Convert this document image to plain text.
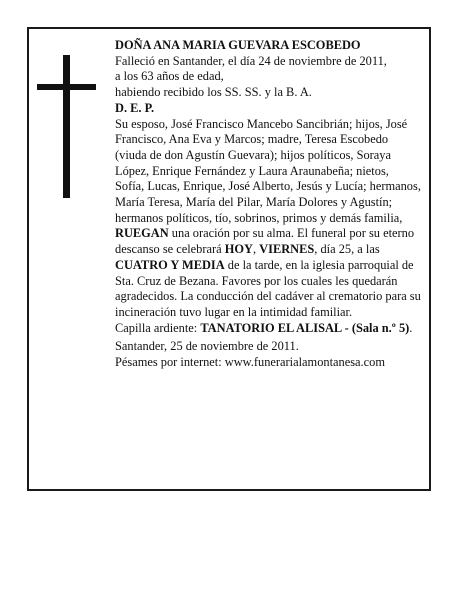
DOÑA ANA MARIA GUEVARA ESCOBEDO

Falleció en Santander, el día 24 de noviembre de 2011,

a los 63 años de edad,

habiendo recibido los SS. SS. y la B. A.

D. E. P.

Su esposo, José Francisco Mancebo Sancibrián; hijos, José Francisco, Ana Eva y Marcos; madre, Teresa Escobedo (viuda de don Agustín Guevara); hijos políticos, Soraya López, Enrique Fernández y Laura Araunabeña; nietos, Sofía, Lucas, Enrique, José Alberto, Jesús y Lucía; hermanos, María Teresa, María del Pilar, María Dolores y Agustín; hermanos políticos, tío, sobrinos, primos y demás familia,

RUEGAN una oración por su alma. El funeral por su eterno descanso se celebrará HOY, VIERNES, día 25, a las CUATRO Y MEDIA de la tarde, en la iglesia parroquial de Sta. Cruz de Bezana. Favores por los cuales les quedarán agradecidos. La conducción del cadáver al crematorio para su incineración tuvo lugar en la intimidad familiar.

Capilla ardiente: TANATORIO EL ALISAL - (Sala n.º 5).

Santander, 25 de noviembre de 2011.

Pésames por internet: www.funerarialamontanesa.com
